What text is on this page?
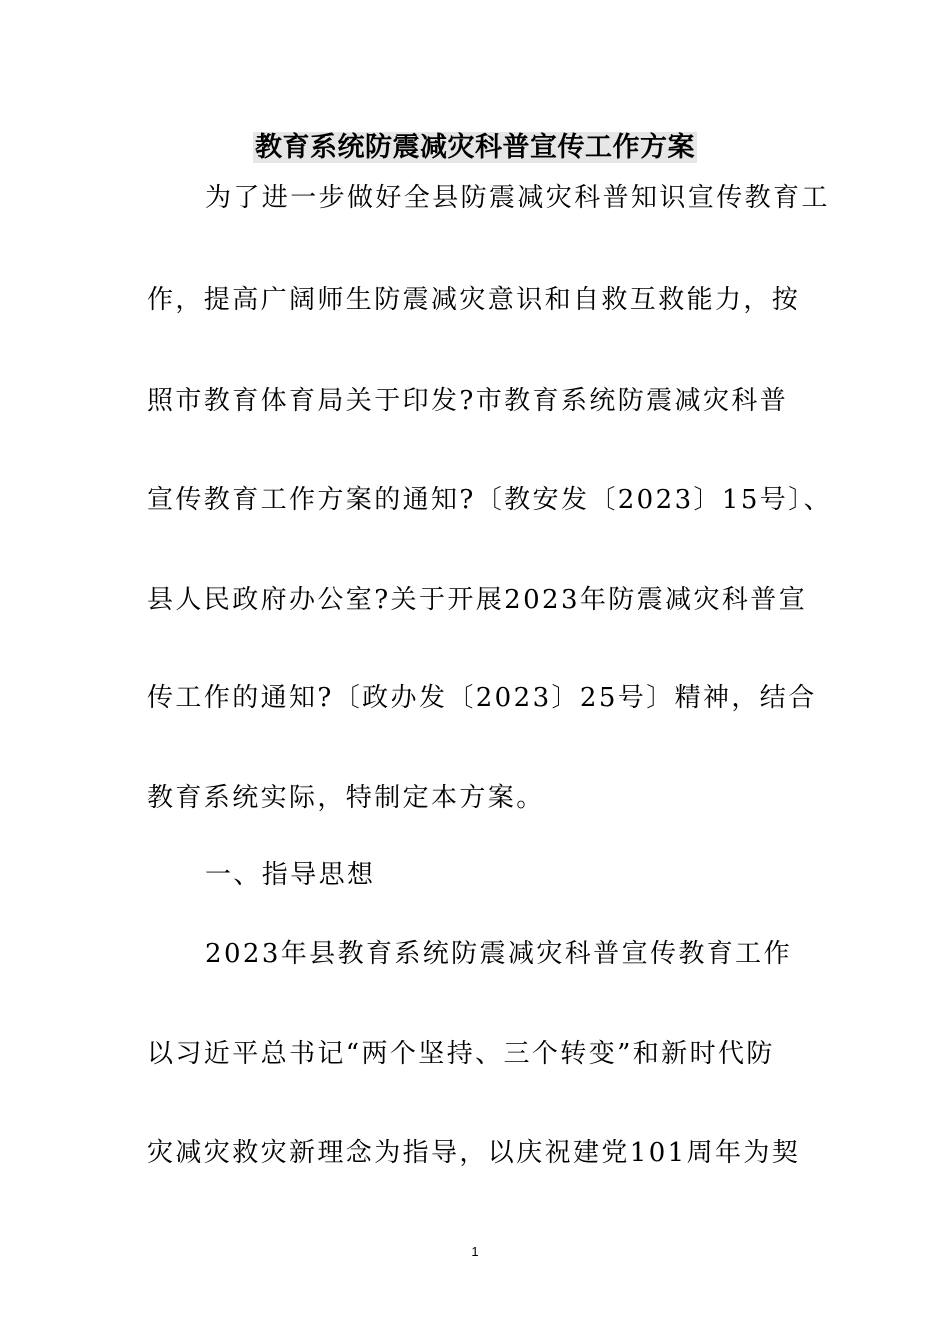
教育系统防震减灾科普宣传工作方案
为了进一步做好全县防震减灾科普知识宣传教育工
作，提高广阔师生防震减灾意识和自救互救能力，按
照市教育体育局关于印发?市教育系统防震减灾科普
宣传教育工作方案的通知?〔教安发〔2023〕15号〕、
县人民政府办公室?关于开展2023年防震减灾科普宣
传工作的通知?〔政办发〔2023〕25号〕精神，结合
教育系统实际，特制定本方案。
一、指导思想
2023年县教育系统防震减灾科普宣传教育工作
以习近平总书记“两个坚持、三个转变”和新时代防
灾减灾救灾新理念为指导，以庆祝建党101周年为契
1
